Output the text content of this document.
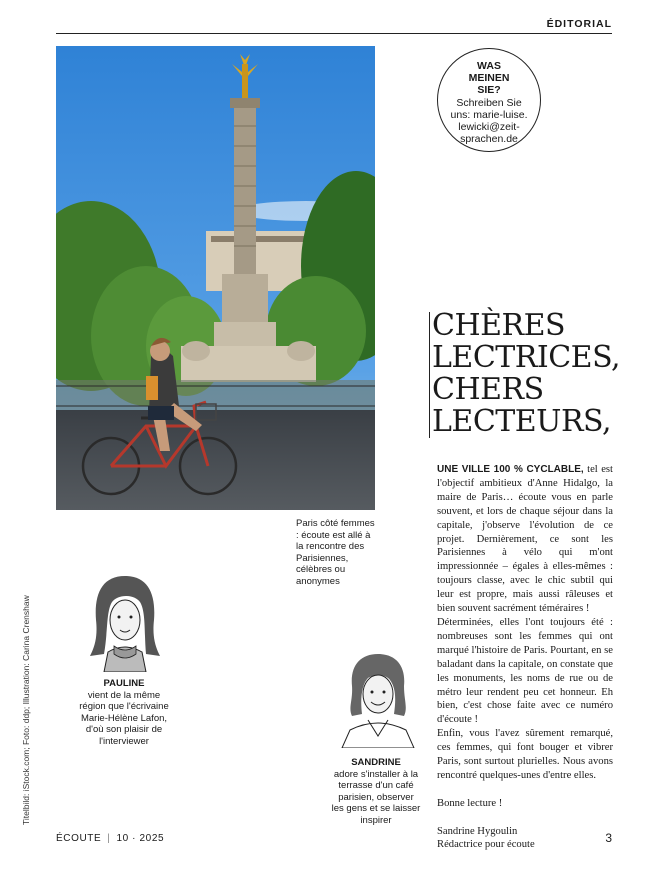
ÉDITORIAL
Paris côté femmes : écoute est allé à la rencontre des Parisiennes, célèbres ou anonymes
WAS MEINEN SIE?
Schreiben Sie uns: marie-luise. lewicki@zeit-sprachen.de
CHÈRES
LECTRICES,
CHERS
LECTEURS,

UNE VILLE 100 % CYCLABLE, tel est l'objectif ambitieux d'Anne Hidalgo, la maire de Paris… écoute vous en parle souvent, et lors de chaque séjour dans la capitale, j'observe l'évolution de ce projet. Dernièrement, ce sont les Parisiennes à vélo qui m'ont impressionnée – égales à elles-mêmes : toujours classe, avec le chic subtil qui leur est propre, mais aussi râleuses et bien souvent sacrément téméraires !

Déterminées, elles l'ont toujours été : nombreuses sont les femmes qui ont marqué l'histoire de Paris. Pourtant, en se baladant dans la capitale, on constate que les monuments, les noms de rue ou de métro leur rendent peu cet honneur. Eh bien, c'est chose faite avec ce numéro d'écoute !

Enfin, vous l'avez sûrement remarqué, ces femmes, qui font bouger et vibrer Paris, sont surtout plurielles. Nous avons rencontré quelques-unes d'entre elles.

Bonne lecture !

Sandrine Hygoulin

Rédactrice pour écoute

PAULINE
vient de la même région que l'écrivaine Marie-Hélène Lafon, d'où son plaisir de l'interviewer
SANDRINE
adore s'installer à la terrasse d'un café parisien, observer les gens et se laisser inspirer
Titelbild: iStock.com; Foto: ddp; Illustration: Carina Crenshaw
ÉCOUTE | 10 · 2025	3
